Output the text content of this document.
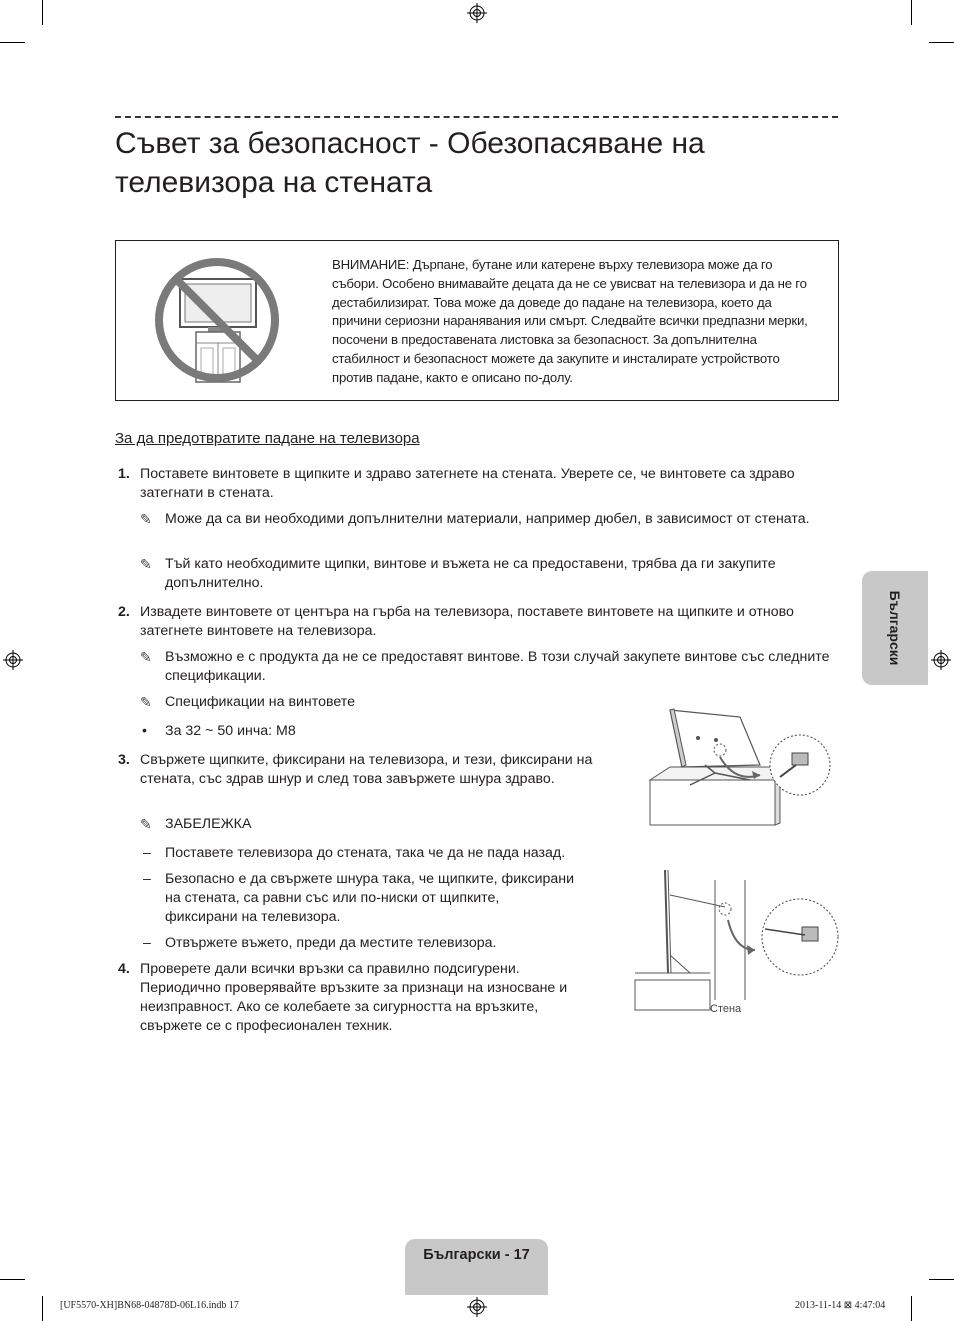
Съвет за безопасност - Обезопасяване на телевизора на стената
ВНИМАНИЕ: Дърпане, бутане или катерене върху телевизора може да го събори. Особено внимавайте децата да не се увисват на телевизора и да не го дестабилизират. Това може да доведе до падане на телевизора, което да причини сериозни наранявания или смърт. Следвайте всички предпазни мерки, посочени в предоставената листовка за безопасност. За допълнителна стабилност и безопасност можете да закупите и инсталирате устройството против падане, както е описано по-долу.
За да предотвратите падане на телевизора
1. Поставете винтовете в щипките и здраво затегнете на стената. Уверете се, че винтовете са здраво затегнати в стената.
✎ Може да са ви необходими допълнителни материали, например дюбел, в зависимост от стената.
✎ Тъй като необходимите щипки, винтове и въжета не са предоставени, трябва да ги закупите допълнително.
2. Извадете винтовете от центъра на гърба на телевизора, поставете винтовете на щипките и отново затегнете винтовете на телевизора.
✎ Възможно е с продукта да не се предоставят винтове. В този случай закупете винтове със следните спецификации.
✎ Спецификации на винтовете
• За 32 ~ 50 инча: M8
3. Свържете щипките, фиксирани на телевизора, и тези, фиксирани на стената, със здрав шнур и след това завържете шнура здраво.
✎ ЗАБЕЛЕЖКА
– Поставете телевизора до стената, така че да не пада назад.
– Безопасно е да свържете шнура така, че щипките, фиксирани на стената, са равни със или по-ниски от щипките, фиксирани на телевизора.
– Отвържете въжето, преди да местите телевизора.
4. Проверете дали всички връзки са правилно подсигурени. Периодично проверявайте връзките за признаци на износване и неизправност. Ако се колебаете за сигурността на връзките, свържете се с професионален техник.
Стена
Български
Български - 17
[UF5570-XH]BN68-04878D-06L16.indb 17	2013-11-14 ⊠ 4:47:04
